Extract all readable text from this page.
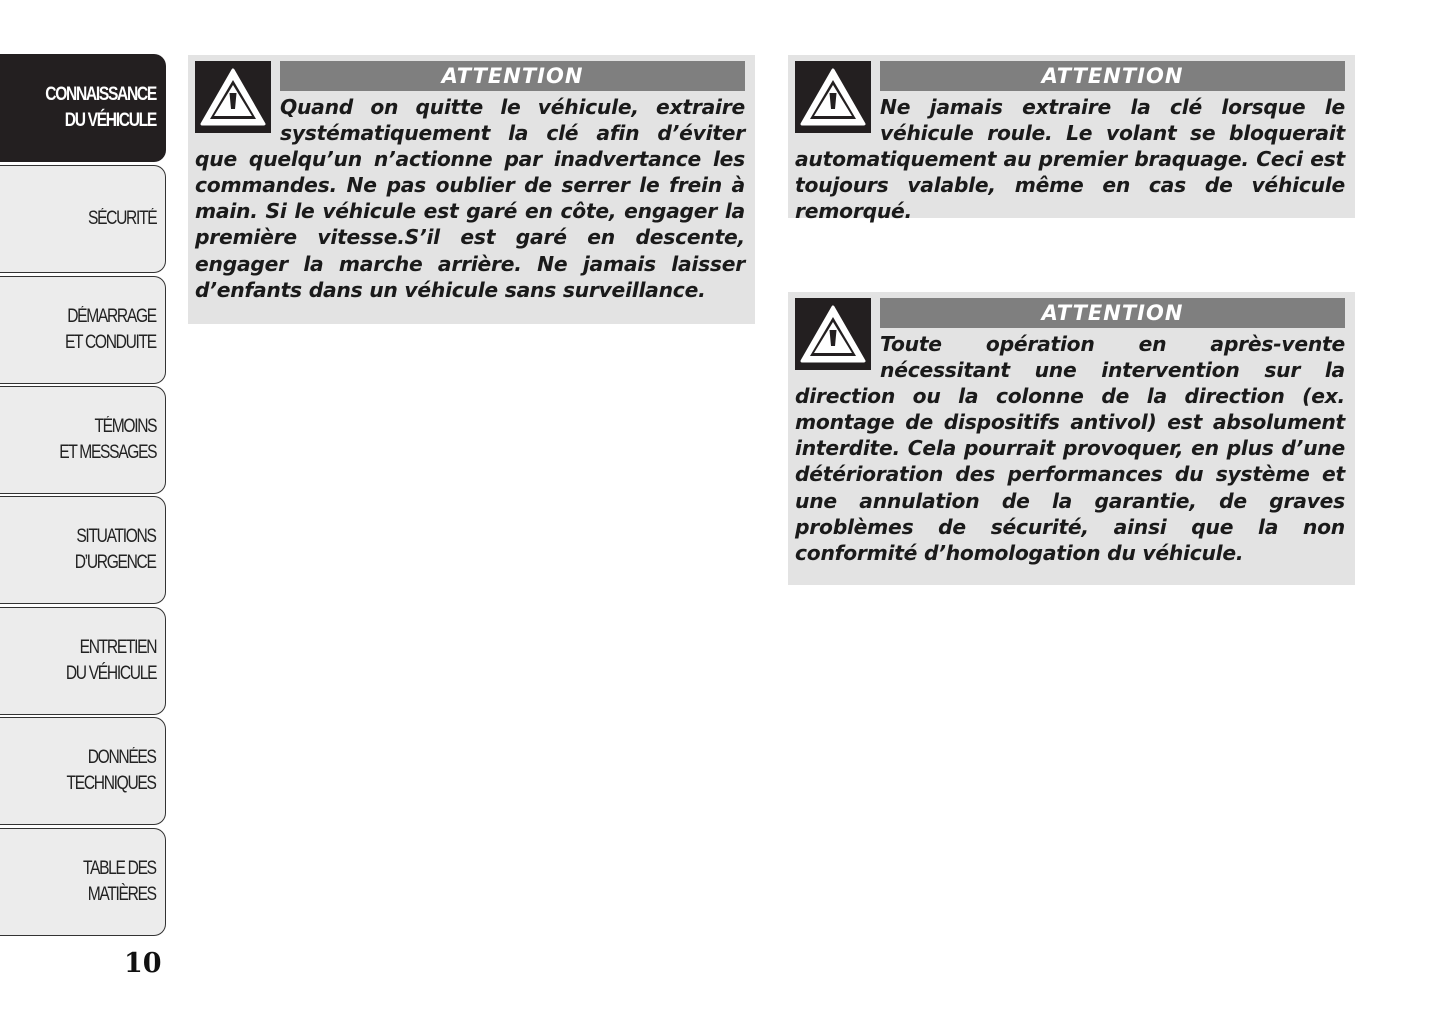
CONNAISSANCE
DU VÉHICULE
SÉCURITÉ
DÉMARRAGE
ET CONDUITE
TÉMOINS
ET MESSAGES
SITUATIONS
D’URGENCE
ENTRETIEN
DU VÉHICULE
DONNÉES
TECHNIQUES
TABLE DES
MATIÈRES
10
ATTENTION

Quand on quitte le véhicule, extraire systématiquement la clé afin d’éviter que quelqu’un n’actionne par inadvertance les commandes. Ne pas oublier de serrer le frein à main. Si le véhicule est garé en côte, engager la première vitesse.S’il est garé en descente, engager la marche arrière. Ne jamais laisser d’enfants dans un véhicule sans surveillance.

ATTENTION

Ne jamais extraire la clé lorsque le véhicule roule. Le volant se bloquerait automatiquement au premier braquage. Ceci est toujours valable, même en cas de véhicule remorqué.

ATTENTION

Toute opération en après-vente nécessitant une intervention sur la direction ou la colonne de la direction (ex. montage de dispositifs antivol) est absolument interdite. Cela pourrait provoquer, en plus d’une détérioration des performances du système et une annulation de la garantie, de graves problèmes de sécurité, ainsi que la non conformité d’homologation du véhicule.
